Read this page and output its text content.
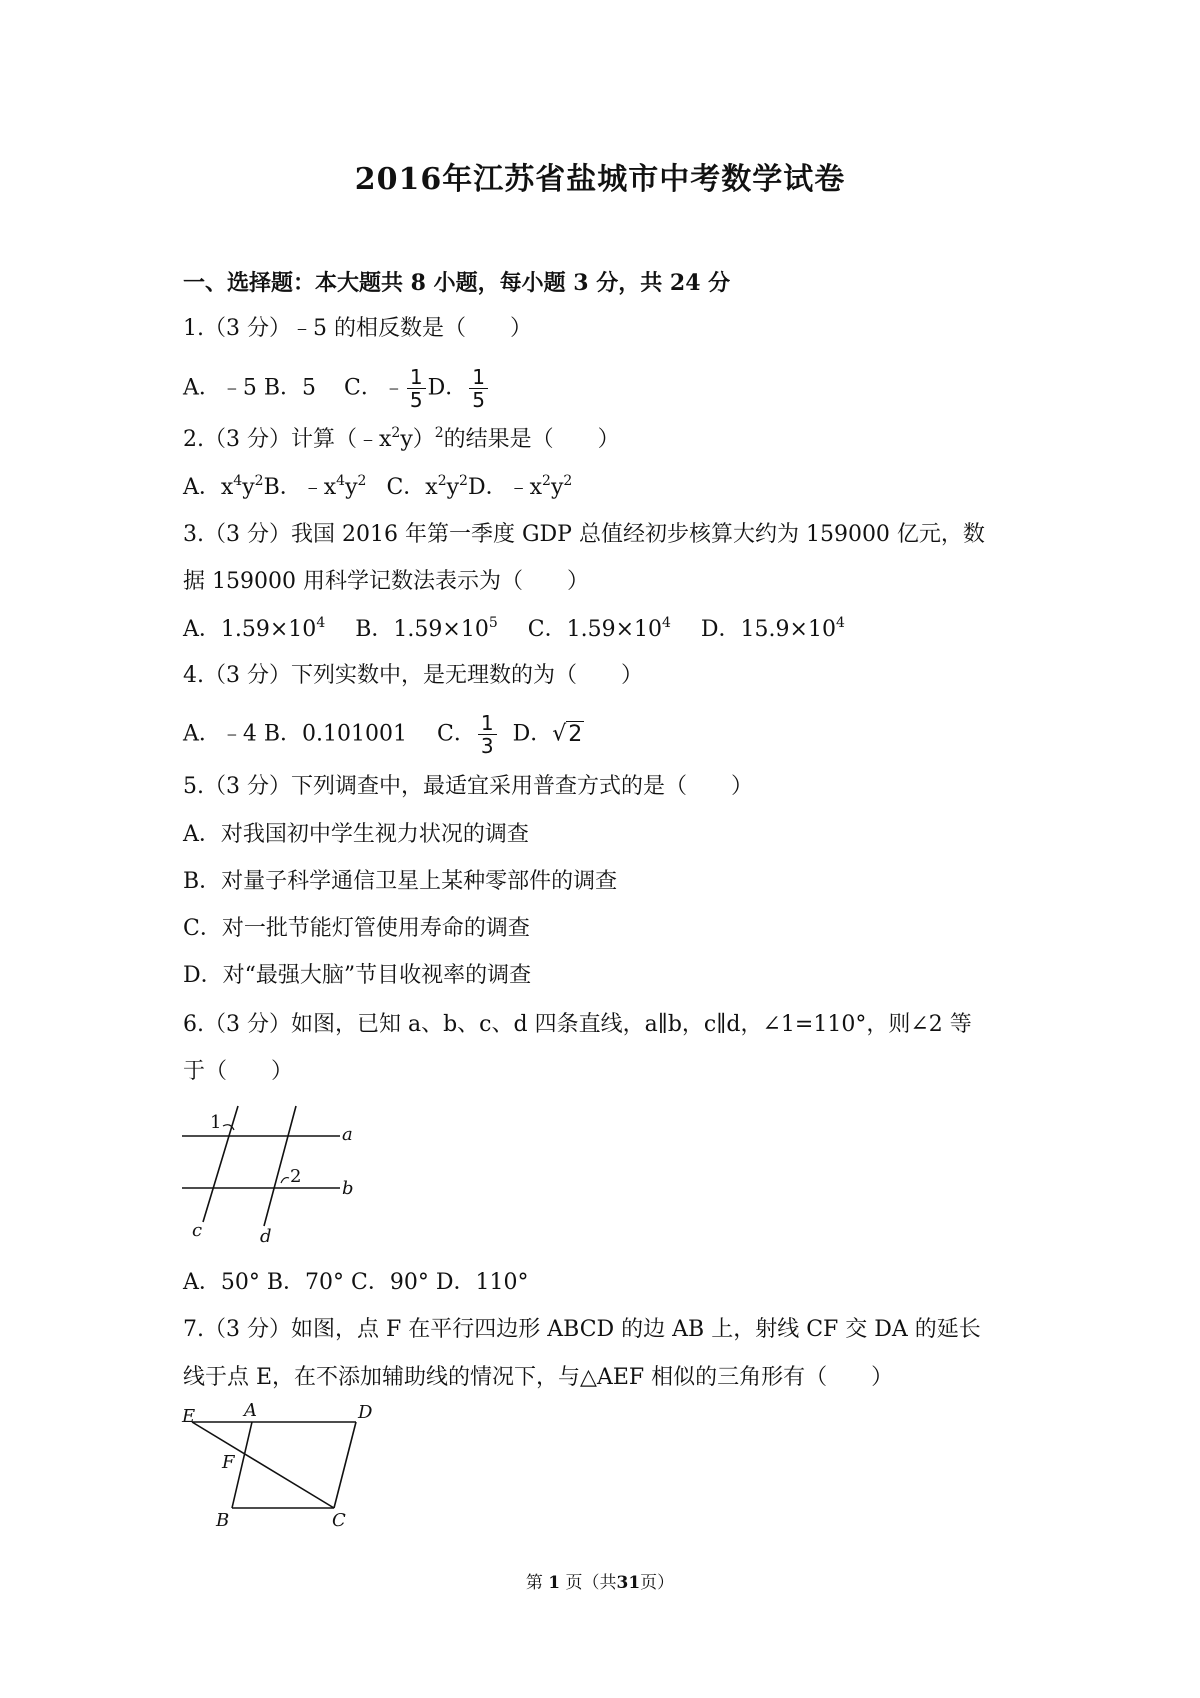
2016年江苏省盐城市中考数学试卷
一、选择题：本大题共 8 小题，每小题 3 分，共 24 分
1.（3 分）﹣5 的相反数是（　　）
A．﹣5 B．5 C．﹣ $\frac{1}{5}$ D． $\frac{1}{5}$
2.（3 分）计算$(﹣x^2y)^2$的结果是（　　）
A．$x^4y^2B$．$﹣x^4y^2$ C．$x^2y^2D$．$﹣x^2y^2$
3.（3 分）我国 2016 年第一季度 GDP 总值经初步核算大约为 159000 亿元，数
据 159000 用科学记数法表示为（　　）
A．$1.59\times 10^4$ B．$1.59\times 10^5$ C．$1.59\times 10^4$ D．$15.9\times 10^4$
4.（3 分）下列实数中，是无理数的为（　　）
A．﹣4 B．0.101001 C． $\frac{1}{3}$ D．√2
5.（3 分）下列调查中，最适宜采用普查方式的是（　　）
A．对我国初中学生视力状况的调查
B．对量子科学通信卫星上某种零部件的调查
C．对一批节能灯管使用寿命的调查
D．对“最强大脑”节目收视率的调查
6.（3 分）如图，已知 a、b、c、d 四条直线，a∥b，c∥d，∠1=110°，则∠2 等
于（　　）
1
2
a
b
c	d
A．50° B．70° C．90° D．110°
7.（3 分）如图，点 F 在平行四边形 ABCD 的边 AB 上，射线 CF 交 DA 的延长
线于点 E，在不添加辅助线的情况下，与△AEF 相似的三角形有（　　）
E	A	D
F
B	C
第 1 页（共31页）
